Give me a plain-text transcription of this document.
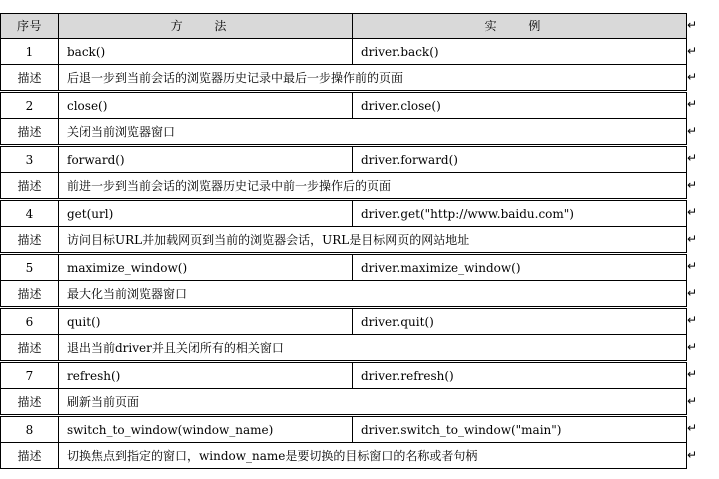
序号	方 法	实 例
1	back()	driver.back()
描述	后退一步到当前会话的浏览器历史记录中最后一步操作前的页面	
2	close()	driver.close()
描述	关闭当前浏览器窗口	
3	forward()	driver.forward()
描述	前进一步到当前会话的浏览器历史记录中前一步操作后的页面	
4	get(url)	driver.get("http://www.baidu.com")
描述	访问目标URL并加载网页到当前的浏览器会话，URL是目标网页的网站地址	
5	maximize_window()	driver.maximize_window()
描述	最大化当前浏览器窗口	
6	quit()	driver.quit()
描述	退出当前driver并且关闭所有的相关窗口	
7	refresh()	driver.refresh()
描述	刷新当前页面	
8	switch_to_window(window_name)	driver.switch_to_window("main")
描述	切换焦点到指定的窗口，window_name是要切换的目标窗口的名称或者句柄	
↵
↵
↵
↵
↵
↵
↵
↵
↵
↵
↵
↵
↵
↵
↵
↵
↵
